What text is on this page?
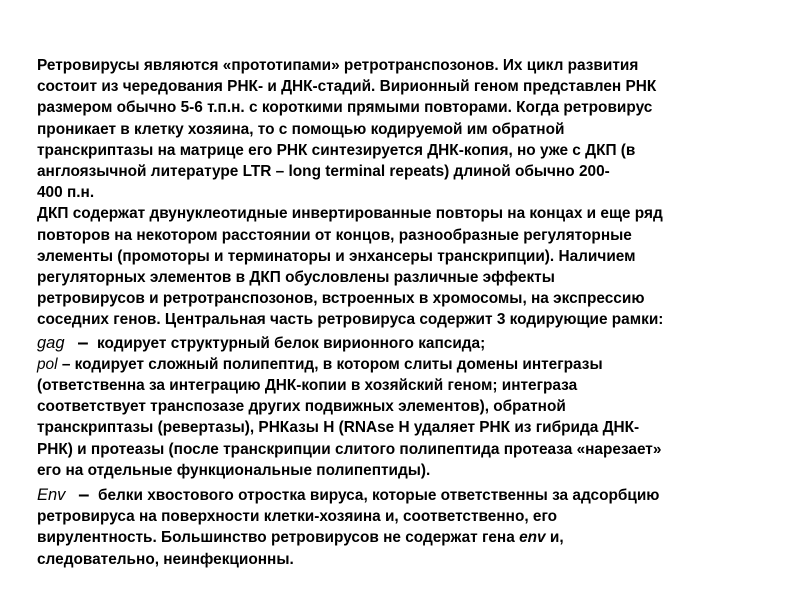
Ретровирусы являются «прототипами» ретротранспозонов. Их цикл развития
состоит из чередования РНК- и ДНК-стадий. Вирионный геном представлен РНК
размером обычно 5-6 т.п.н. с короткими прямыми повторами. Когда ретровирус
проникает в клетку хозяина, то с помощью кодируемой им обратной
транскриптазы на матрице его РНК синтезируется ДНК-копия, но уже с ДКП (в
англоязычной литературе LTR – long terminal repeats) длиной обычно 200-
400 п.н.

ДКП содержат двунуклеотидные инвертированные повторы на концах и еще ряд
повторов на некотором расстоянии от концов, разнообразные регуляторные
элементы (промоторы и терминаторы и энхансеры транскрипции). Наличием
регуляторных элементов в ДКП обусловлены различные эффекты
ретровирусов и ретротранспозонов, встроенных в хромосомы, на экспрессию
соседних генов. Центральная часть ретровируса содержит 3 кодирующие рамки:

gag – кодирует структурный белок вирионного капсида;

pol – кодирует сложный полипептид, в котором слиты домены интегразы
(ответственна за интеграцию ДНК-копии в хозяйский геном; интеграза
соответствует транспозазе других подвижных элементов), обратной
транскриптазы (ревертазы), РНКазы Н (RNAse H удаляет РНК из гибрида ДНК-
РНК) и протеазы (после транскрипции слитого полипептида протеаза «нарезает»
его на отдельные функциональные полипептиды).

Env – белки хвостового отростка вируса, которые ответственны за адсорбцию
ретровируса на поверхности клетки-хозяина и, соответственно, его
вирулентность. Большинство ретровирусов не содержат гена env и,
следовательно, неинфекционны.
